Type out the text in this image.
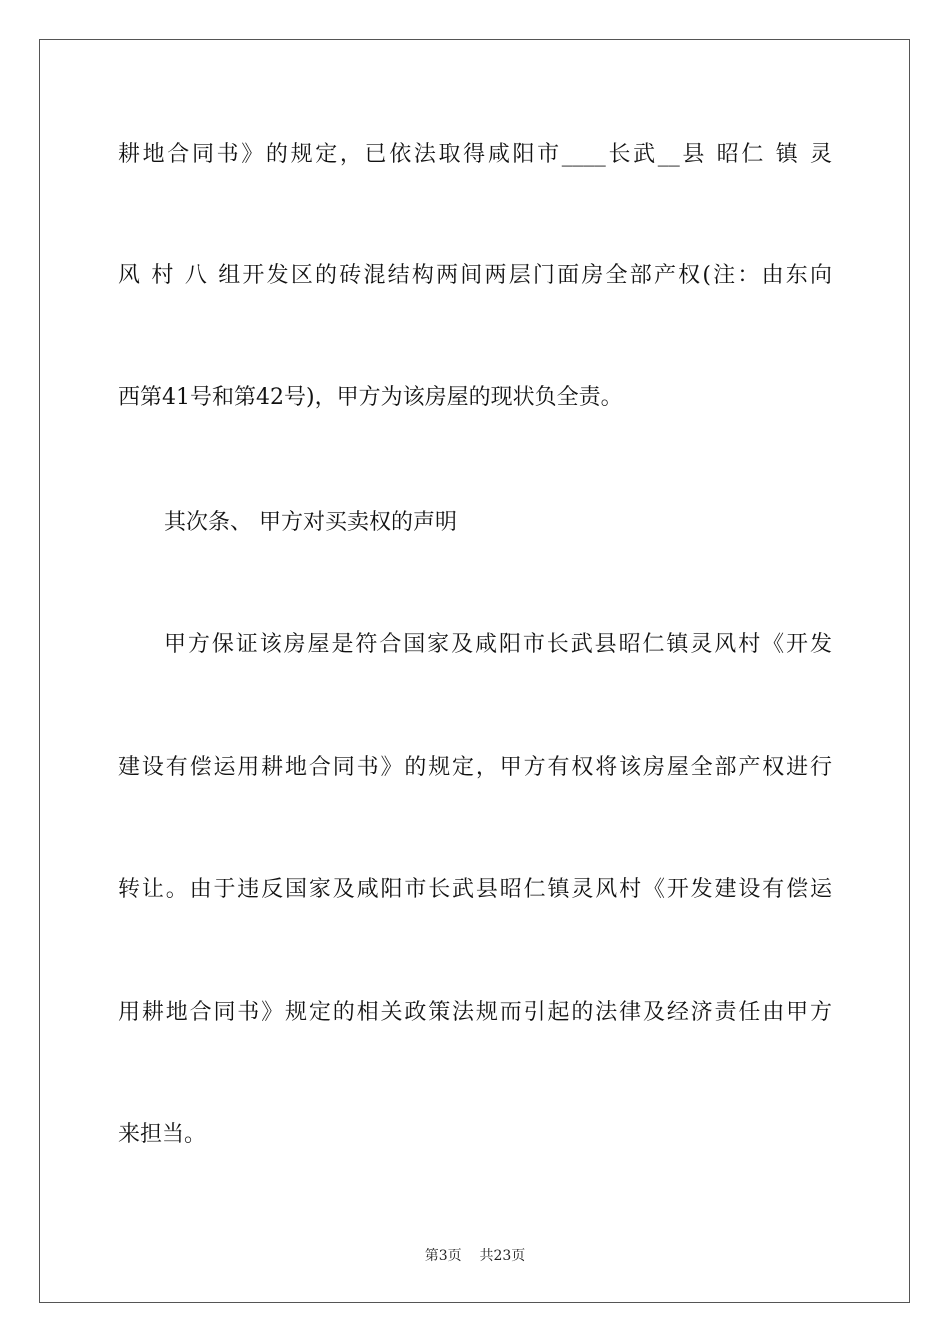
耕地合同书》的规定，已依法取得咸阳市____长武__县 昭仁 镇 灵
风 村 八 组开发区的砖混结构两间两层门面房全部产权(注：由东向
西第41号和第42号)，甲方为该房屋的现状负全责。
其次条、 甲方对买卖权的声明
甲方保证该房屋是符合国家及咸阳市长武县昭仁镇灵风村《开发
建设有偿运用耕地合同书》的规定，甲方有权将该房屋全部产权进行
转让。由于违反国家及咸阳市长武县昭仁镇灵风村《开发建设有偿运
用耕地合同书》规定的相关政策法规而引起的法律及经济责任由甲方
来担当。
第3页 共23页
